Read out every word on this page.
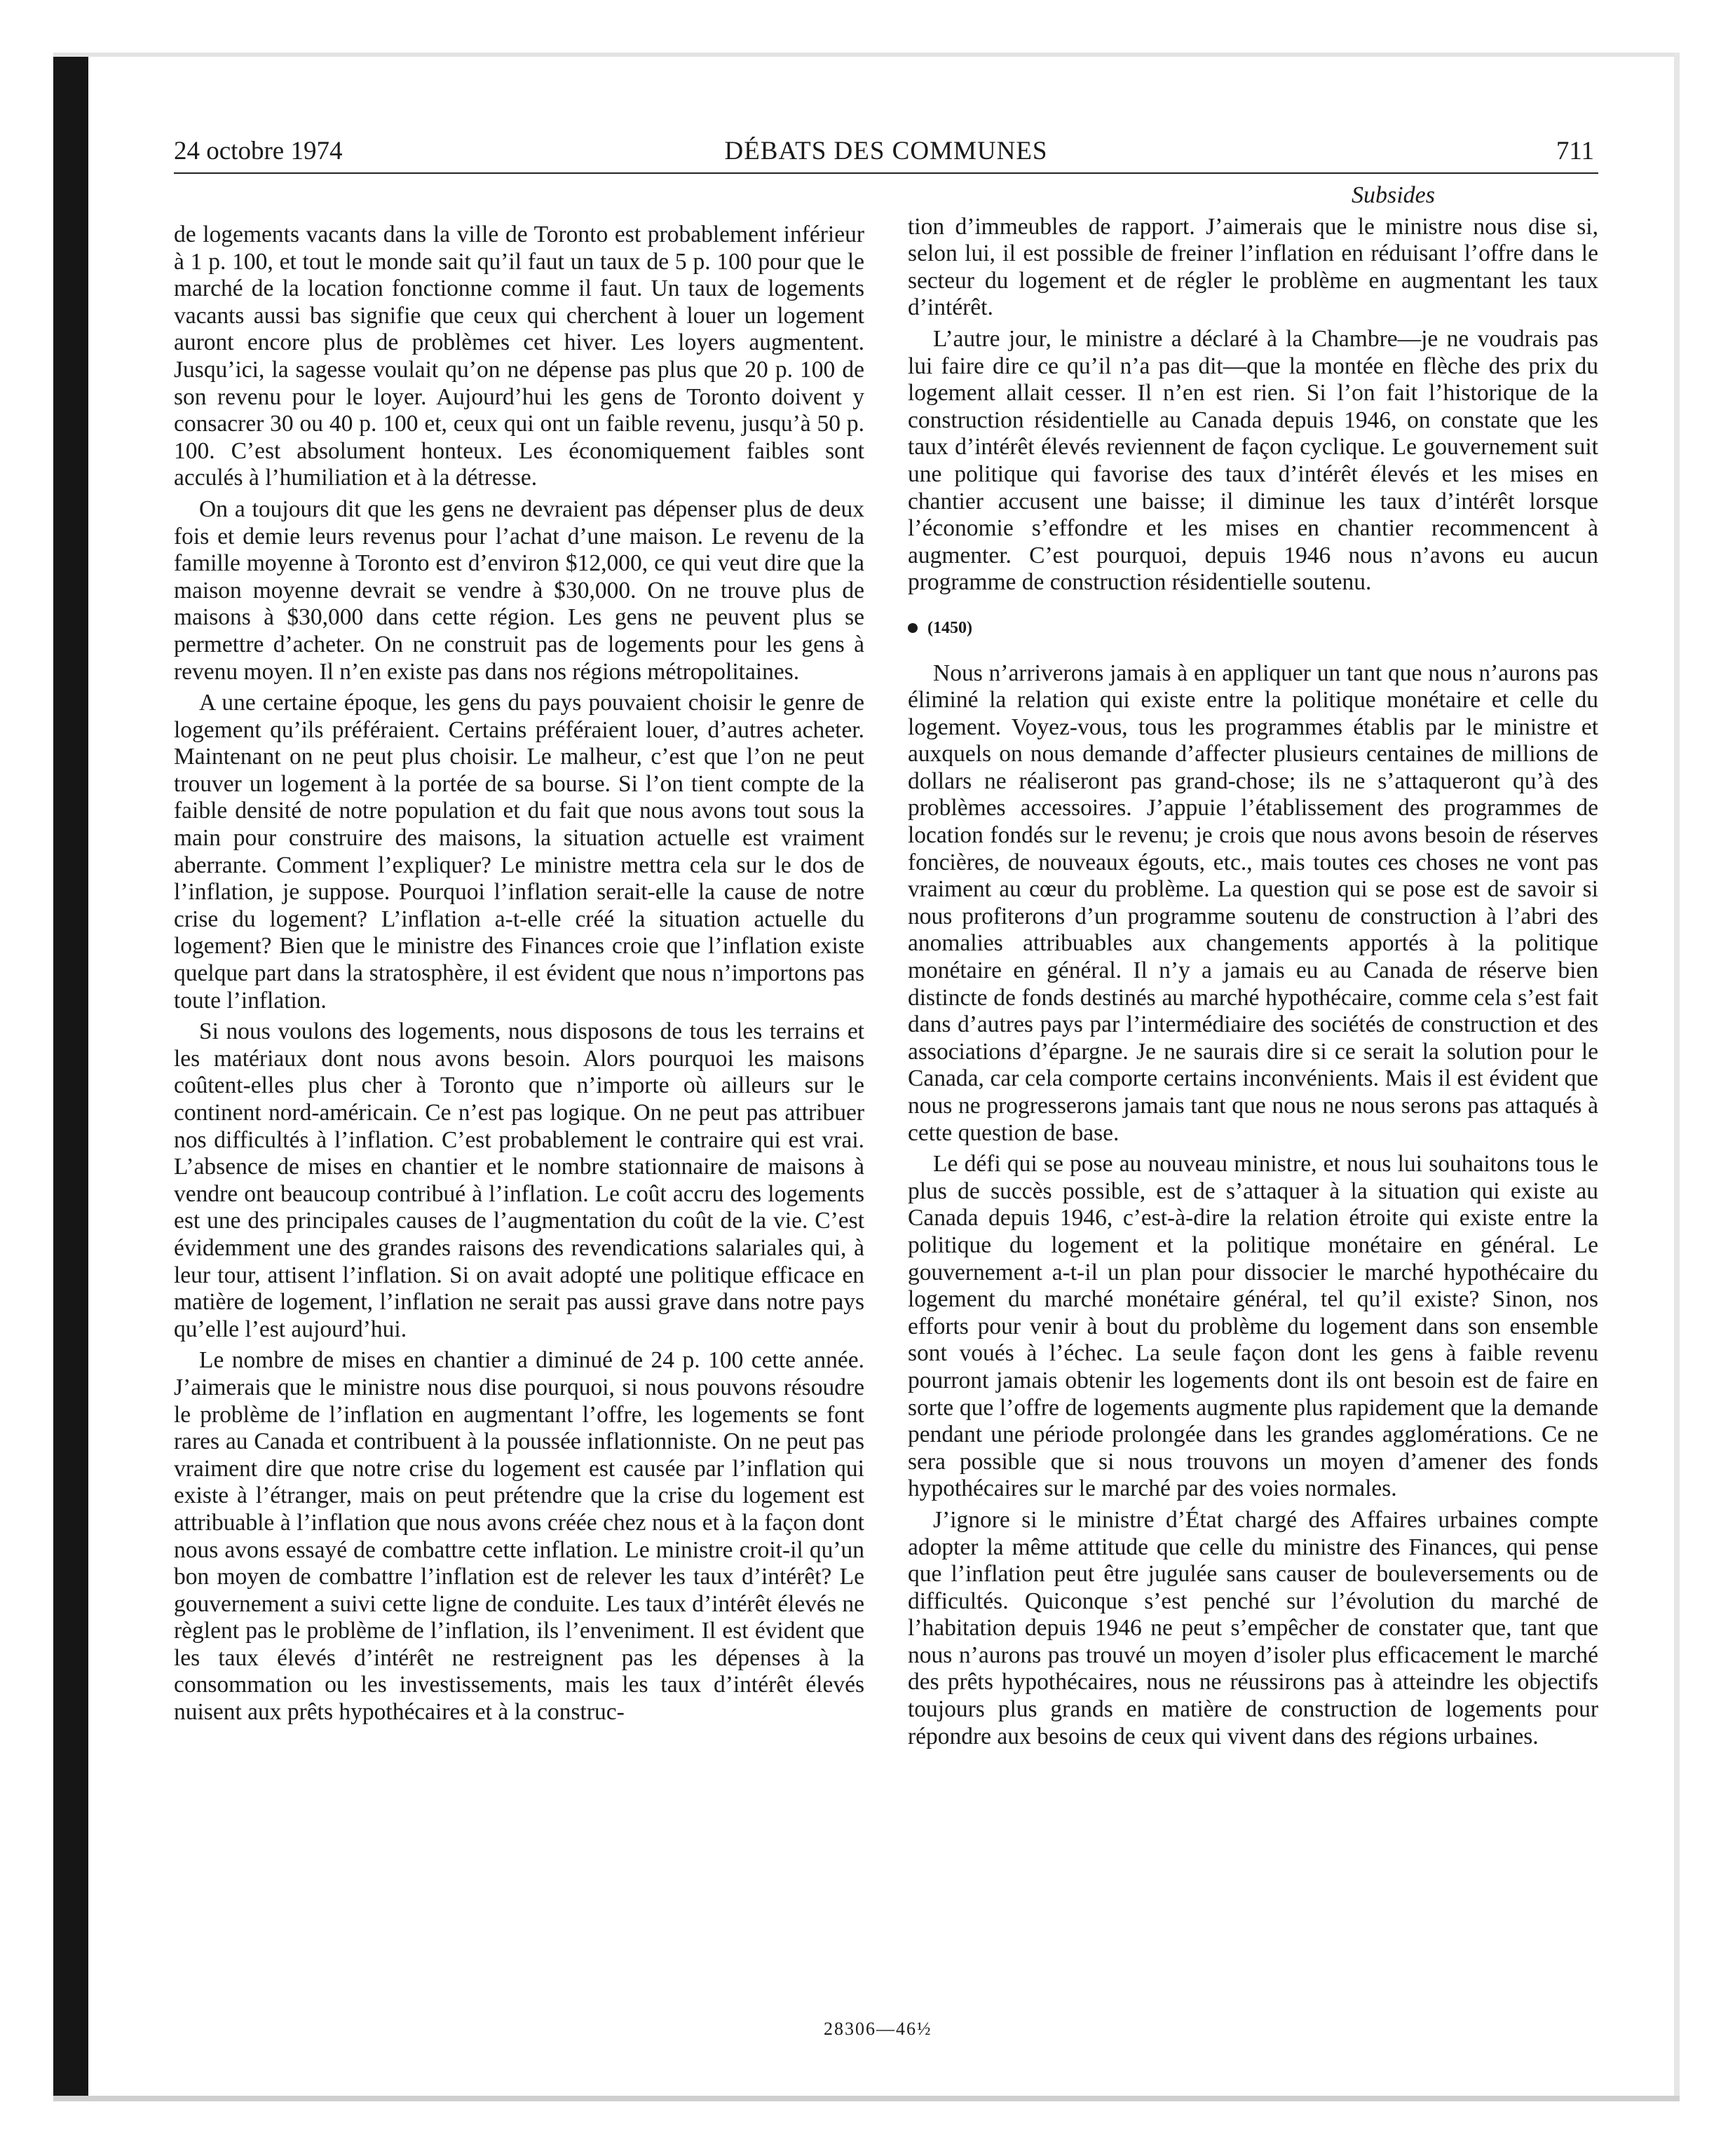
24 octobre 1974	DÉBATS DES COMMUNES	711

de logements vacants dans la ville de Toronto est probablement inférieur à 1 p. 100, et tout le monde sait qu’il faut un taux de 5 p. 100 pour que le marché de la location fonctionne comme il faut. Un taux de logements vacants aussi bas signifie que ceux qui cherchent à louer un logement auront encore plus de problèmes cet hiver. Les loyers augmentent. Jusqu’ici, la sagesse voulait qu’on ne dépense pas plus que 20 p. 100 de son revenu pour le loyer. Aujourd’hui les gens de Toronto doivent y consacrer 30 ou 40 p. 100 et, ceux qui ont un faible revenu, jusqu’à 50 p. 100. C’est absolument honteux. Les économiquement faibles sont acculés à l’humiliation et à la détresse.

On a toujours dit que les gens ne devraient pas dépenser plus de deux fois et demie leurs revenus pour l’achat d’une maison. Le revenu de la famille moyenne à Toronto est d’environ $12,000, ce qui veut dire que la maison moyenne devrait se vendre à $30,000. On ne trouve plus de maisons à $30,000 dans cette région. Les gens ne peuvent plus se permettre d’acheter. On ne construit pas de logements pour les gens à revenu moyen. Il n’en existe pas dans nos régions métropolitaines.

A une certaine époque, les gens du pays pouvaient choisir le genre de logement qu’ils préféraient. Certains préféraient louer, d’autres acheter. Maintenant on ne peut plus choisir. Le malheur, c’est que l’on ne peut trouver un logement à la portée de sa bourse. Si l’on tient compte de la faible densité de notre population et du fait que nous avons tout sous la main pour construire des maisons, la situation actuelle est vraiment aberrante. Comment l’expliquer? Le ministre mettra cela sur le dos de l’inflation, je suppose. Pourquoi l’inflation serait-elle la cause de notre crise du logement? L’inflation a-t-elle créé la situation actuelle du logement? Bien que le ministre des Finances croie que l’inflation existe quelque part dans la stratosphère, il est évident que nous n’importons pas toute l’inflation.

Si nous voulons des logements, nous disposons de tous les terrains et les matériaux dont nous avons besoin. Alors pourquoi les maisons coûtent-elles plus cher à Toronto que n’importe où ailleurs sur le continent nord-américain. Ce n’est pas logique. On ne peut pas attribuer nos difficultés à l’inflation. C’est probablement le contraire qui est vrai. L’absence de mises en chantier et le nombre stationnaire de maisons à vendre ont beaucoup contribué à l’inflation. Le coût accru des logements est une des principales causes de l’augmentation du coût de la vie. C’est évidemment une des grandes raisons des revendications salariales qui, à leur tour, attisent l’inflation. Si on avait adopté une politique efficace en matière de logement, l’inflation ne serait pas aussi grave dans notre pays qu’elle l’est aujourd’hui.

Le nombre de mises en chantier a diminué de 24 p. 100 cette année. J’aimerais que le ministre nous dise pourquoi, si nous pouvons résoudre le problème de l’inflation en augmentant l’offre, les logements se font rares au Canada et contribuent à la poussée inflationniste. On ne peut pas vraiment dire que notre crise du logement est causée par l’inflation qui existe à l’étranger, mais on peut prétendre que la crise du logement est attribuable à l’inflation que nous avons créée chez nous et à la façon dont nous avons essayé de combattre cette inflation. Le ministre croit-il qu’un bon moyen de combattre l’inflation est de relever les taux d’intérêt? Le gouvernement a suivi cette ligne de conduite. Les taux d’intérêt élevés ne règlent pas le problème de l’inflation, ils l’enveniment. Il est évident que les taux élevés d’intérêt ne restreignent pas les dépenses à la consommation ou les investissements, mais les taux d’intérêt élevés nuisent aux prêts hypothécaires et à la construc-

Subsides

tion d’immeubles de rapport. J’aimerais que le ministre nous dise si, selon lui, il est possible de freiner l’inflation en réduisant l’offre dans le secteur du logement et de régler le problème en augmentant les taux d’intérêt.

L’autre jour, le ministre a déclaré à la Chambre—je ne voudrais pas lui faire dire ce qu’il n’a pas dit—que la montée en flèche des prix du logement allait cesser. Il n’en est rien. Si l’on fait l’historique de la construction résidentielle au Canada depuis 1946, on constate que les taux d’intérêt élevés reviennent de façon cyclique. Le gouvernement suit une politique qui favorise des taux d’intérêt élevés et les mises en chantier accusent une baisse; il diminue les taux d’intérêt lorsque l’économie s’effondre et les mises en chantier recommencent à augmenter. C’est pourquoi, depuis 1946 nous n’avons eu aucun programme de construction résidentielle soutenu.

(1450)

Nous n’arriverons jamais à en appliquer un tant que nous n’aurons pas éliminé la relation qui existe entre la politique monétaire et celle du logement. Voyez-vous, tous les programmes établis par le ministre et auxquels on nous demande d’affecter plusieurs centaines de millions de dollars ne réaliseront pas grand-chose; ils ne s’attaqueront qu’à des problèmes accessoires. J’appuie l’établissement des programmes de location fondés sur le revenu; je crois que nous avons besoin de réserves foncières, de nouveaux égouts, etc., mais toutes ces choses ne vont pas vraiment au cœur du problème. La question qui se pose est de savoir si nous profiterons d’un programme soutenu de construction à l’abri des anomalies attribuables aux changements apportés à la politique monétaire en général. Il n’y a jamais eu au Canada de réserve bien distincte de fonds destinés au marché hypothécaire, comme cela s’est fait dans d’autres pays par l’intermédiaire des sociétés de construction et des associations d’épargne. Je ne saurais dire si ce serait la solution pour le Canada, car cela comporte certains inconvénients. Mais il est évident que nous ne progresserons jamais tant que nous ne nous serons pas attaqués à cette question de base.

Le défi qui se pose au nouveau ministre, et nous lui souhaitons tous le plus de succès possible, est de s’attaquer à la situation qui existe au Canada depuis 1946, c’est-à-dire la relation étroite qui existe entre la politique du logement et la politique monétaire en général. Le gouvernement a-t-il un plan pour dissocier le marché hypothécaire du logement du marché monétaire général, tel qu’il existe? Sinon, nos efforts pour venir à bout du problème du logement dans son ensemble sont voués à l’échec. La seule façon dont les gens à faible revenu pourront jamais obtenir les logements dont ils ont besoin est de faire en sorte que l’offre de logements augmente plus rapidement que la demande pendant une période prolongée dans les grandes agglomérations. Ce ne sera possible que si nous trouvons un moyen d’amener des fonds hypothécaires sur le marché par des voies normales.

J’ignore si le ministre d’État chargé des Affaires urbaines compte adopter la même attitude que celle du ministre des Finances, qui pense que l’inflation peut être jugulée sans causer de bouleversements ou de difficultés. Quiconque s’est penché sur l’évolution du marché de l’habitation depuis 1946 ne peut s’empêcher de constater que, tant que nous n’aurons pas trouvé un moyen d’isoler plus efficacement le marché des prêts hypothécaires, nous ne réussirons pas à atteindre les objectifs toujours plus grands en matière de construction de logements pour répondre aux besoins de ceux qui vivent dans des régions urbaines.

28306—46½
